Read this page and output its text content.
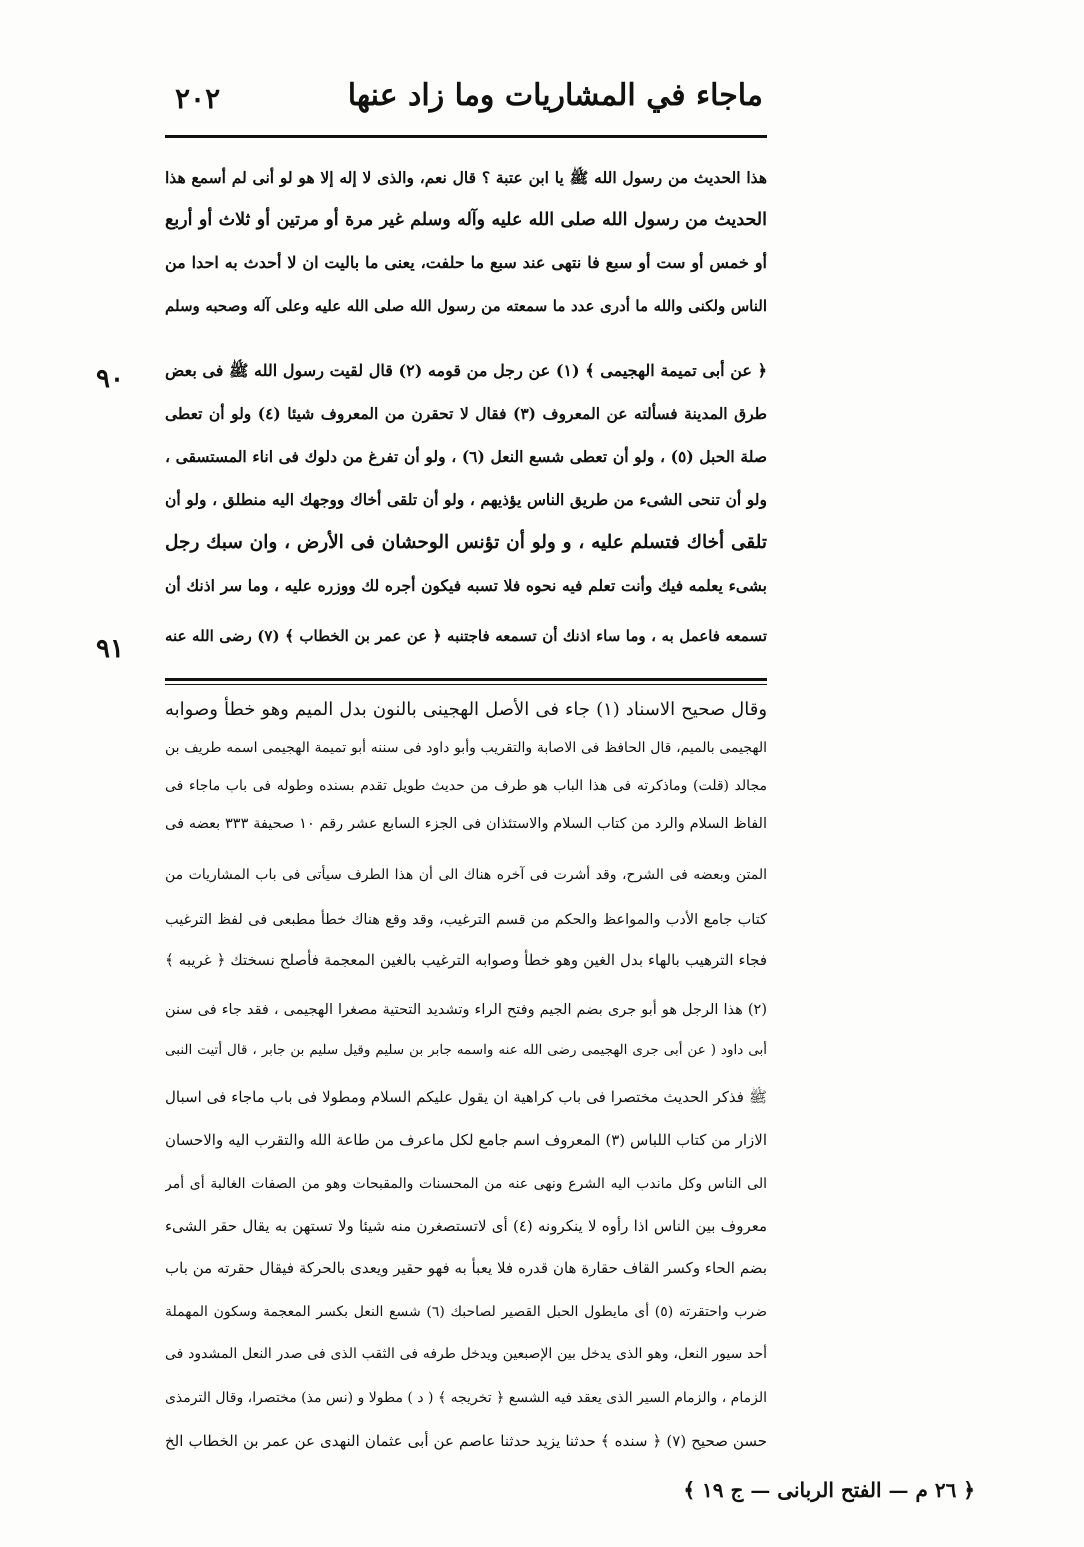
ماجاء في المشاريات وما زاد عنها
٢٠٢
هذا الحديث من رسول الله ﷺ يا ابن عتبة ؟ قال نعم، والذى لا إله إلا هو لو أنى لم أسمع هذا
الحديث من رسول الله صلى الله عليه وآله وسلم غير مرة أو مرتين أو ثلاث أو أربع
أو خمس أو ست أو سبع فا نتهى عند سبع ما حلفت، يعنى ما باليت ان لا أحدث به احدا من
الناس ولكنى والله ما أدرى عدد ما سمعته من رسول الله صلى الله عليه وعلى آله وصحبه وسلم
﴿ عن أبى تميمة الهجيمى ﴾ (١) عن رجل من قومه (٢) قال لقيت رسول الله ﷺ فى بعض
طرق المدينة فسألته عن المعروف (٣) فقال لا تحقرن من المعروف شيئا (٤) ولو أن تعطى
صلة الحبل (٥) ، ولو أن تعطى شسع النعل (٦) ، ولو أن تفرغ من دلوك فى اناء المستسقى ،
ولو أن تنحى الشىء من طريق الناس يؤذيهم ، ولو أن تلقى أخاك ووجهك اليه منطلق ، ولو أن
تلقى أخاك فتسلم عليه ، و ولو أن تؤنس الوحشان فى الأرض ، وان سبك رجل
بشىء يعلمه فيك وأنت تعلم فيه نحوه فلا تسبه فيكون أجره لك ووزره عليه ، وما سر اذنك أن
تسمعه فاعمل به ، وما ساء اذنك أن تسمعه فاجتنبه ﴿ عن عمر بن الخطاب ﴾ (٧) رضى الله عنه
٩٠
٩١
وقال صحيح الاسناد (١) جاء فى الأصل الهجينى بالنون بدل الميم وهو خطأ وصوابه
الهجيمى بالميم، قال الحافظ فى الاصابة والتقريب وأبو داود فى سننه أبو تميمة الهجيمى اسمه طريف بن
مجالد (قلت) وماذكرته فى هذا الباب هو طرف من حديث طويل تقدم بسنده وطوله فى باب ماجاء فى
الفاظ السلام والرد من كتاب السلام والاستئذان فى الجزء السابع عشر رقم ١٠ صحيفة ٣٣٣ بعضه فى
المتن وبعضه فى الشرح، وقد أشرت فى آخره هناك الى أن هذا الطرف سيأتى فى باب المشاريات من
كتاب جامع الأدب والمواعظ والحكم من قسم الترغيب، وقد وقع هناك خطأ مطبعى فى لفظ الترغيب
فجاء الترهيب بالهاء بدل الغين وهو خطأ وصوابه الترغيب بالغين المعجمة فأصلح نسختك ﴿ غريبه ﴾
(٢) هذا الرجل هو أبو جرى بضم الجيم وفتح الراء وتشديد التحتية مصغرا الهجيمى ، فقد جاء فى سنن
أبى داود ( عن أبى جرى الهجيمى رضى الله عنه واسمه جابر بن سليم وقيل سليم بن جابر ، قال أتيت النبى
ﷺ فذكر الحديث مختصرا فى باب كراهية ان يقول عليكم السلام ومطولا فى باب ماجاء فى اسبال
الازار من كتاب اللباس (٣) المعروف اسم جامع لكل ماعرف من طاعة الله والتقرب اليه والاحسان
الى الناس وكل ماندب اليه الشرع ونهى عنه من المحسنات والمقبحات وهو من الصفات الغالبة أى أمر
معروف بين الناس اذا رأوه لا ينكرونه (٤) أى لاتستصغرن منه شيئا ولا تستهن به يقال حقر الشىء
بضم الحاء وكسر القاف حقارة هان قدره فلا يعبأ به فهو حقير ويعدى بالحركة فيقال حقرته من باب
ضرب واحتقرته (٥) أى مايطول الحبل القصير لصاحبك (٦) شسع النعل بكسر المعجمة وسكون المهملة
أحد سيور النعل، وهو الذى يدخل بين الإصبعين ويدخل طرفه فى الثقب الذى فى صدر النعل المشدود فى
الزمام ، والزمام السير الذى يعقد فيه الشسع ﴿ تخريجه ﴾ ( د ) مطولا و (نس مذ) مختصرا، وقال الترمذى
حسن صحيح (٧) ﴿ سنده ﴾ حدثنا يزيد حدثنا عاصم عن أبى عثمان النهدى عن عمر بن الخطاب الخ
﴿ ٢٦ م — الفتح الربانى — ج ١٩ ﴾
